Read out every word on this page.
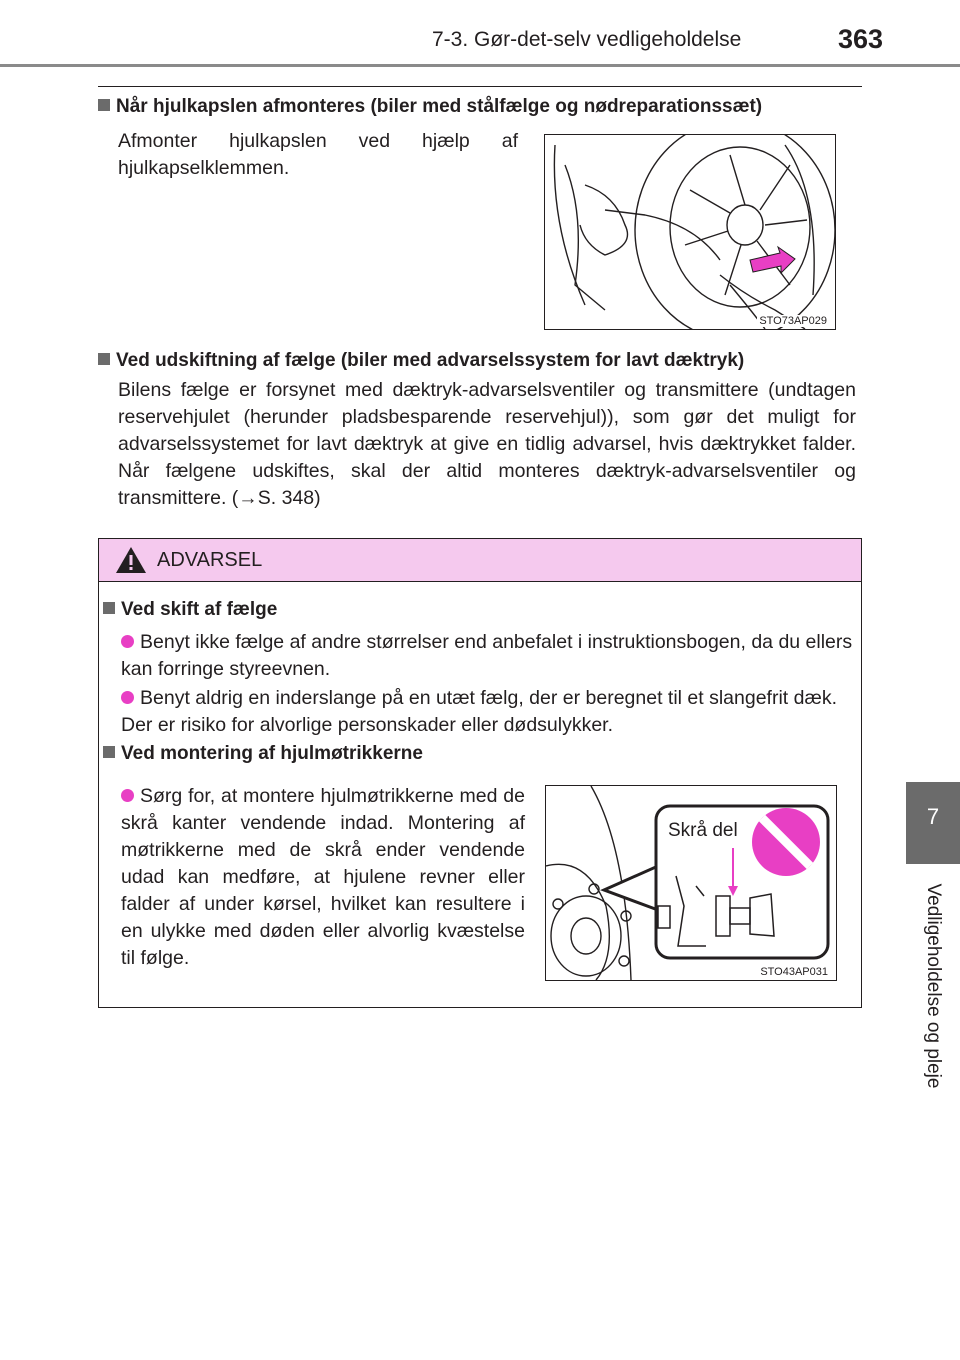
7-3. Gør-det-selv vedligeholdelse	363
7
Vedligeholdelse og pleje
Når hjulkapslen afmonteres (biler med stålfælge og nødreparationssæt)
Afmonter hjulkapslen ved hjælp af hjulkapselklemmen.
STO73AP029
Ved udskiftning af fælge (biler med advarselssystem for lavt dæktryk)
Bilens fælge er forsynet med dæktryk-advarselsventiler og transmittere (undtagen reservehjulet (herunder pladsbesparende reservehjul)), som gør det muligt for advarselssystemet for lavt dæktryk at give en tidlig advarsel, hvis dæktrykket falder. Når fælgene udskiftes, skal der altid monteres dæktryk-advarselsventiler og transmittere. (→S. 348)
ADVARSEL
Ved skift af fælge
Benyt ikke fælge af andre størrelser end anbefalet i instruktionsbogen, da du ellers kan forringe styreevnen.
Benyt aldrig en inderslange på en utæt fælg, der er beregnet til et slangefrit dæk. Der er risiko for alvorlige personskader eller dødsulykker.
Ved montering af hjulmøtrikkerne
Sørg for, at montere hjulmøtrikkerne med de skrå kanter vendende indad. Montering af møtrikkerne med de skrå ender vendende udad kan medføre, at hjulene revner eller falder af under kørsel, hvilket kan resultere i en ulykke med døden eller alvorlig kvæstelse til følge.
Skrå del
STO43AP031
